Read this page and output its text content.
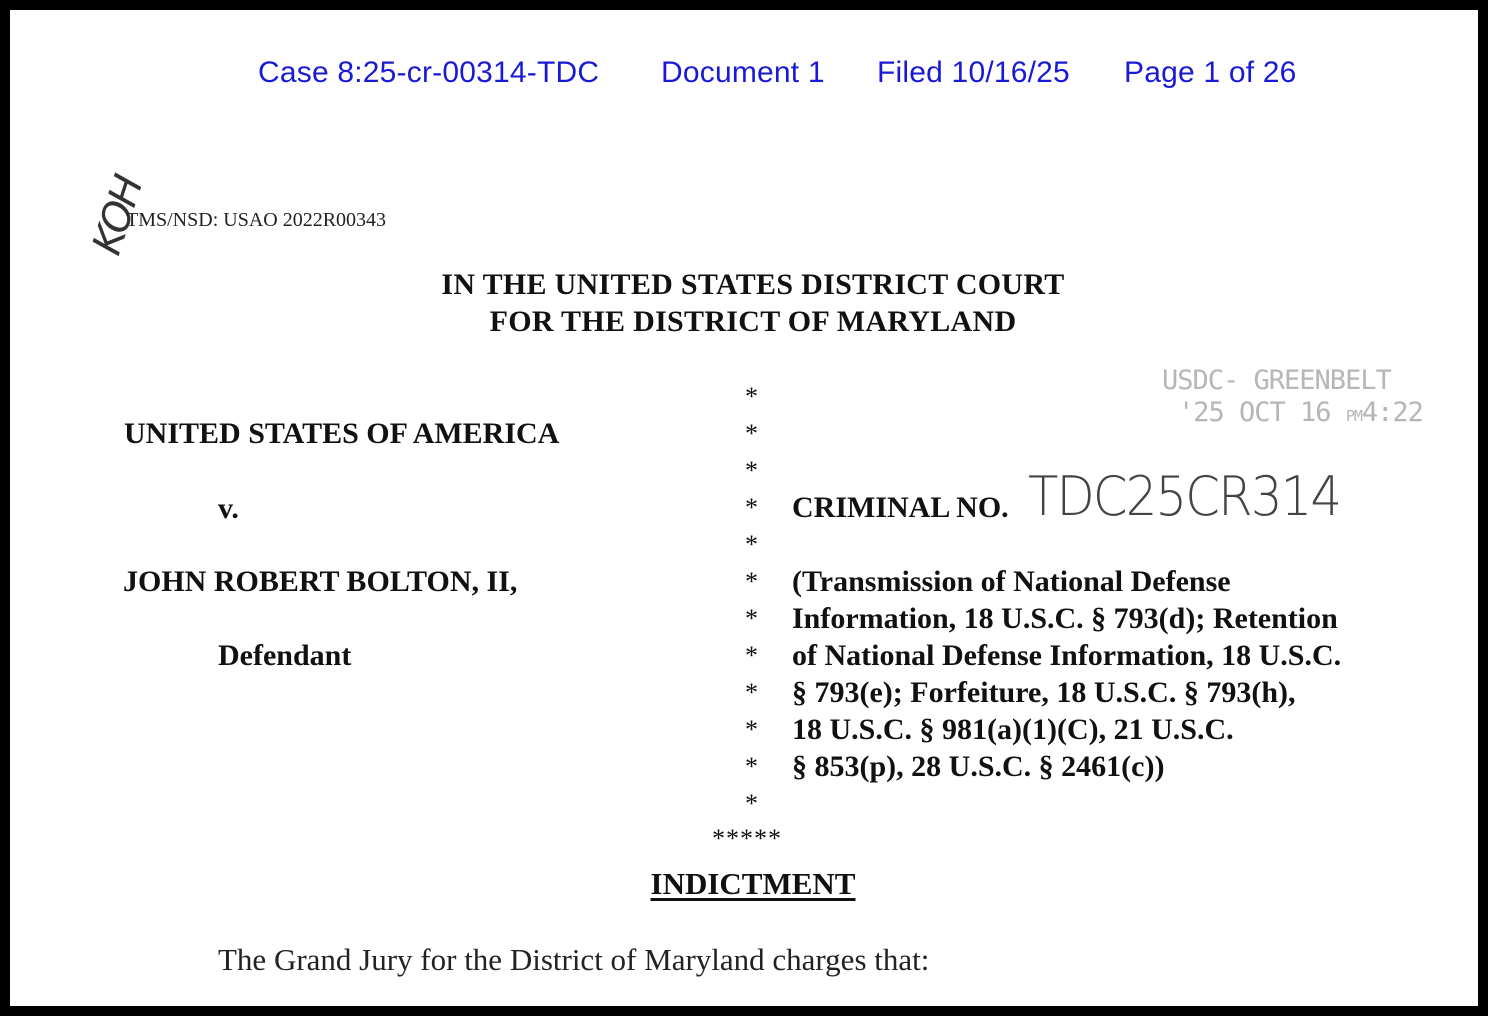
Case 8:25-cr-00314-TDC Document 1 Filed 10/16/25 Page 1 of 26
KOH
TMS/NSD: USAO 2022R00343
IN THE UNITED STATES DISTRICT COURT
FOR THE DISTRICT OF MARYLAND
USDC- GREENBELT
'25 OCT 16 PM4:22
UNITED STATES OF AMERICA
v.
JOHN ROBERT BOLTON, II,
Defendant
*
*
*
*
*
*
*
*
*
*
*
*
*****
CRIMINAL NO. TDC25CR314
(Transmission of National Defense
Information, 18 U.S.C. § 793(d); Retention
of National Defense Information, 18 U.S.C.
§ 793(e); Forfeiture, 18 U.S.C. § 793(h),
18 U.S.C. § 981(a)(1)(C), 21 U.S.C.
§ 853(p), 28 U.S.C. § 2461(c))
INDICTMENT
The Grand Jury for the District of Maryland charges that:
